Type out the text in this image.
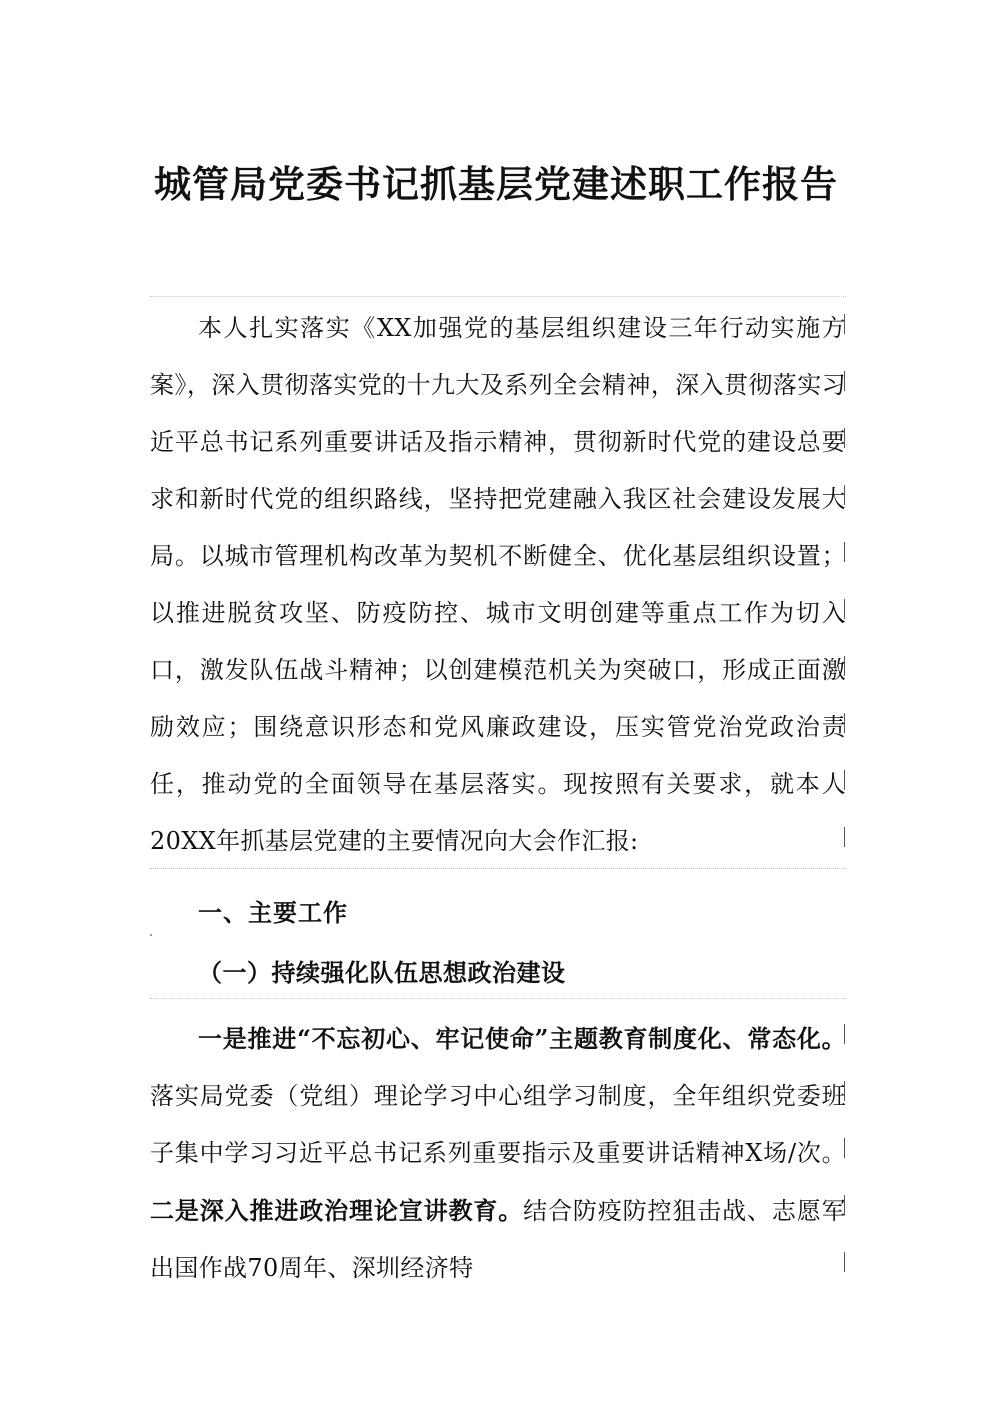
城管局党委书记抓基层党建述职工作报告

本人扎实落实《XX加强党的基层组织建设三年行动实施方案》，深入贯彻落实党的十九大及系列全会精神，深入贯彻落实习近平总书记系列重要讲话及指示精神，贯彻新时代党的建设总要求和新时代党的组织路线，坚持把党建融入我区社会建设发展大局。以城市管理机构改革为契机不断健全、优化基层组织设置；以推进脱贫攻坚、防疫防控、城市文明创建等重点工作为切入口，激发队伍战斗精神；以创建模范机关为突破口，形成正面激励效应；围绕意识形态和党风廉政建设，压实管党治党政治责任，推动党的全面领导在基层落实。现按照有关要求，就本人20XX年抓基层党建的主要情况向大会作汇报:

一、主要工作
（一）持续强化队伍思想政治建设

一是推进“不忘初心、牢记使命”主题教育制度化、常态化。落实局党委（党组）理论学习中心组学习制度，全年组织党委班子集中学习习近平总书记系列重要指示及重要讲话精神X场/次。二是深入推进政治理论宣讲教育。结合防疫防控狙击战、志愿军出国作战70周年、深圳经济特
